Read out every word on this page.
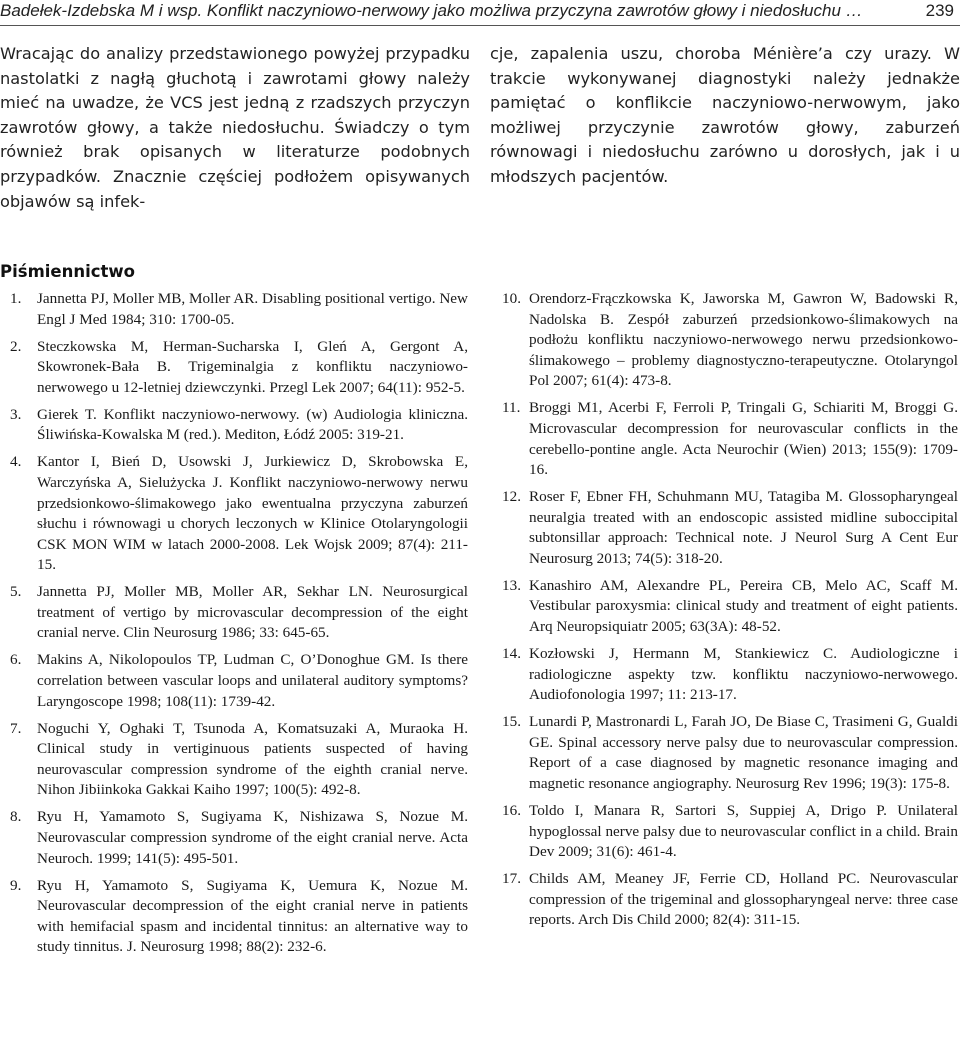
Badełek-Izdebska M i wsp. Konflikt naczyniowo-nerwowy jako możliwa przyczyna zawrotów głowy i niedosłuchu …	239
Wracając do analizy przedstawionego powyżej przypadku nastolatki z nagłą głuchotą i zawrotami głowy należy mieć na uwadze, że VCS jest jedną z rzadszych przyczyn zawrotów głowy, a także niedosłuchu. Świadczy o tym również brak opisanych w literaturze podobnych przypadków. Znacznie częściej podłożem opisywanych objawów są infek-
cje, zapalenia uszu, choroba Ménière’a czy urazy. W trakcie wykonywanej diagnostyki należy jednakże pamiętać o konflikcie naczyniowo-nerwowym, jako możliwej przyczynie zawrotów głowy, zaburzeń równowagi i niedosłuchu zarówno u dorosłych, jak i u młodszych pacjentów.
Piśmiennictwo
1. Jannetta PJ, Moller MB, Moller AR. Disabling positional vertigo. New Engl J Med 1984; 310: 1700-05.
2. Steczkowska M, Herman-Sucharska I, Gleń A, Gergont A, Skowronek-Bała B. Trigeminalgia z konfliktu naczyniowo-nerwowego u 12-letniej dziewczynki. Przegl Lek 2007; 64(11): 952-5.
3. Gierek T. Konflikt naczyniowo-nerwowy. (w) Audiologia kliniczna. Śliwińska-Kowalska M (red.). Mediton, Łódź 2005: 319-21.
4. Kantor I, Bień D, Usowski J, Jurkiewicz D, Skrobowska E, Warczyńska A, Sielużycka J. Konflikt naczyniowo-nerwowy nerwu przedsionkowo-ślimakowego jako ewentualna przyczyna zaburzeń słuchu i równowagi u chorych leczonych w Klinice Otolaryngologii CSK MON WIM w latach 2000-2008. Lek Wojsk 2009; 87(4): 211-15.
5. Jannetta PJ, Moller MB, Moller AR, Sekhar LN. Neurosurgical treatment of vertigo by microvascular decompression of the eight cranial nerve. Clin Neurosurg 1986; 33: 645-65.
6. Makins A, Nikolopoulos TP, Ludman C, O’Donoghue GM. Is there correlation between vascular loops and unilateral auditory symptoms? Laryngoscope 1998; 108(11): 1739-42.
7. Noguchi Y, Oghaki T, Tsunoda A, Komatsuzaki A, Muraoka H. Clinical study in vertiginuous patients suspected of having neurovascular compression syndrome of the eighth cranial nerve. Nihon Jibiinkoka Gakkai Kaiho 1997; 100(5): 492-8.
8. Ryu H, Yamamoto S, Sugiyama K, Nishizawa S, Nozue M. Neurovascular compression syndrome of the eight cranial nerve. Acta Neuroch. 1999; 141(5): 495-501.
9. Ryu H, Yamamoto S, Sugiyama K, Uemura K, Nozue M. Neurovascular decompression of the eight cranial nerve in patients with hemifacial spasm and incidental tinnitus: an alternative way to study tinnitus. J. Neurosurg 1998; 88(2): 232-6.
10. Orendorz-Frączkowska K, Jaworska M, Gawron W, Badowski R, Nadolska B. Zespół zaburzeń przedsionkowo-ślimakowych na podłożu konfliktu naczyniowo-nerwowego nerwu przedsionkowo-ślimakowego – problemy diagnostyczno-terapeutyczne. Otolaryngol Pol 2007; 61(4): 473-8.
11. Broggi M1, Acerbi F, Ferroli P, Tringali G, Schiariti M, Broggi G. Microvascular decompression for neurovascular conflicts in the cerebello-pontine angle. Acta Neurochir (Wien) 2013; 155(9): 1709-16.
12. Roser F, Ebner FH, Schuhmann MU, Tatagiba M. Glossopharyngeal neuralgia treated with an endoscopic assisted midline suboccipital subtonsillar approach: Technical note. J Neurol Surg A Cent Eur Neurosurg 2013; 74(5): 318-20.
13. Kanashiro AM, Alexandre PL, Pereira CB, Melo AC, Scaff M. Vestibular paroxysmia: clinical study and treatment of eight patients. Arq Neuropsiquiatr 2005; 63(3A): 48-52.
14. Kozłowski J, Hermann M, Stankiewicz C. Audiologiczne i radiologiczne aspekty tzw. konfliktu naczyniowo-nerwowego. Audiofonologia 1997; 11: 213-17.
15. Lunardi P, Mastronardi L, Farah JO, De Biase C, Trasimeni G, Gualdi GE. Spinal accessory nerve palsy due to neurovascular compression. Report of a case diagnosed by magnetic resonance imaging and magnetic resonance angiography. Neurosurg Rev 1996; 19(3): 175-8.
16. Toldo I, Manara R, Sartori S, Suppiej A, Drigo P. Unilateral hypoglossal nerve palsy due to neurovascular conflict in a child. Brain Dev 2009; 31(6): 461-4.
17. Childs AM, Meaney JF, Ferrie CD, Holland PC. Neurovascular compression of the trigeminal and glossopharyngeal nerve: three case reports. Arch Dis Child 2000; 82(4): 311-15.
